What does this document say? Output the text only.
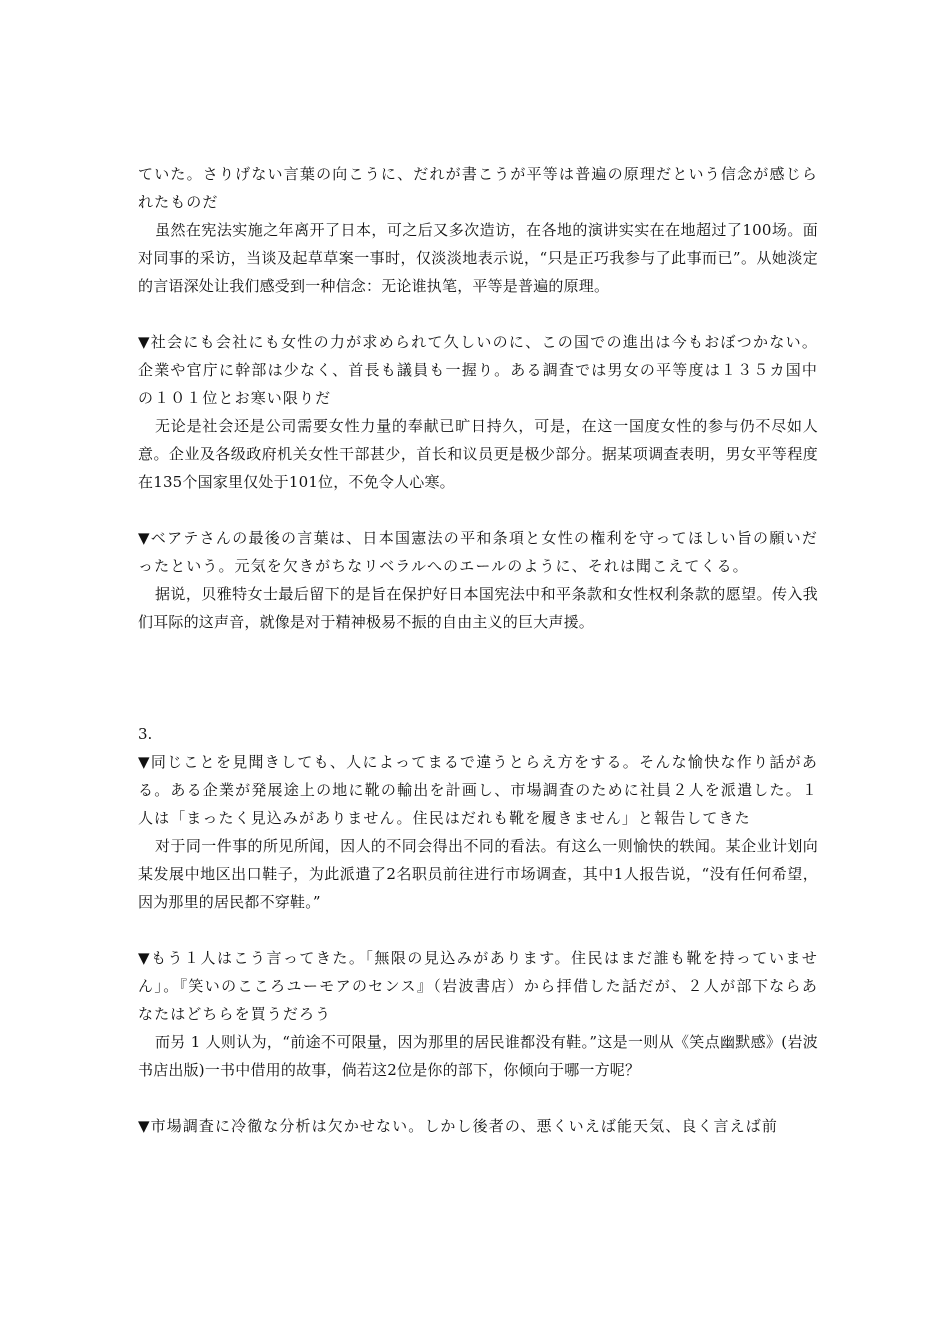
ていた。さりげない言葉の向こうに、だれが書こうが平等は普遍の原理だという信念が感じられたものだ

虽然在宪法实施之年离开了日本，可之后又多次造访，在各地的演讲实实在在地超过了100场。面对同事的采访，当谈及起草草案一事时，仅淡淡地表示说，“只是正巧我参与了此事而已”。从她淡定的言语深处让我们感受到一种信念：无论谁执笔，平等是普遍的原理。

▼社会にも会社にも女性の力が求められて久しいのに、この国での進出は今もおぼつかない。企業や官庁に幹部は少なく、首長も議員も一握り。ある調査では男女の平等度は１３５カ国中の１０１位とお寒い限りだ

无论是社会还是公司需要女性力量的奉献已旷日持久，可是，在这一国度女性的参与仍不尽如人意。企业及各级政府机关女性干部甚少，首长和议员更是极少部分。据某项调查表明，男女平等程度在135个国家里仅处于101位，不免令人心寒。

▼ベアテさんの最後の言葉は、日本国憲法の平和条項と女性の権利を守ってほしい旨の願いだったという。元気を欠きがちなリベラルへのエールのように、それは聞こえてくる。

据说，贝雅特女士最后留下的是旨在保护好日本国宪法中和平条款和女性权利条款的愿望。传入我们耳际的这声音，就像是对于精神极易不振的自由主义的巨大声援。

3.

▼同じことを見聞きしても、人によってまるで違うとらえ方をする。そんな愉快な作り話がある。ある企業が発展途上の地に靴の輸出を計画し、市場調査のために社員２人を派遣した。１人は「まったく見込みがありません。住民はだれも靴を履きません」と報告してきた

对于同一件事的所见所闻，因人的不同会得出不同的看法。有这么一则愉快的轶闻。某企业计划向某发展中地区出口鞋子，为此派遣了2名职员前往进行市场调查，其中1人报告说，“没有任何希望，因为那里的居民都不穿鞋。”

▼もう１人はこう言ってきた。「無限の見込みがあります。住民はまだ誰も靴を持っていません」。『笑いのこころユーモアのセンス』（岩波書店）から拝借した話だが、２人が部下ならあなたはどちらを買うだろう

而另 1 人则认为，“前途不可限量，因为那里的居民谁都没有鞋。”这是一则从《笑点幽默感》(岩波书店出版)一书中借用的故事，倘若这2位是你的部下，你倾向于哪一方呢？

▼市場調査に冷徹な分析は欠かせない。しかし後者の、悪くいえば能天気、良く言えば前
